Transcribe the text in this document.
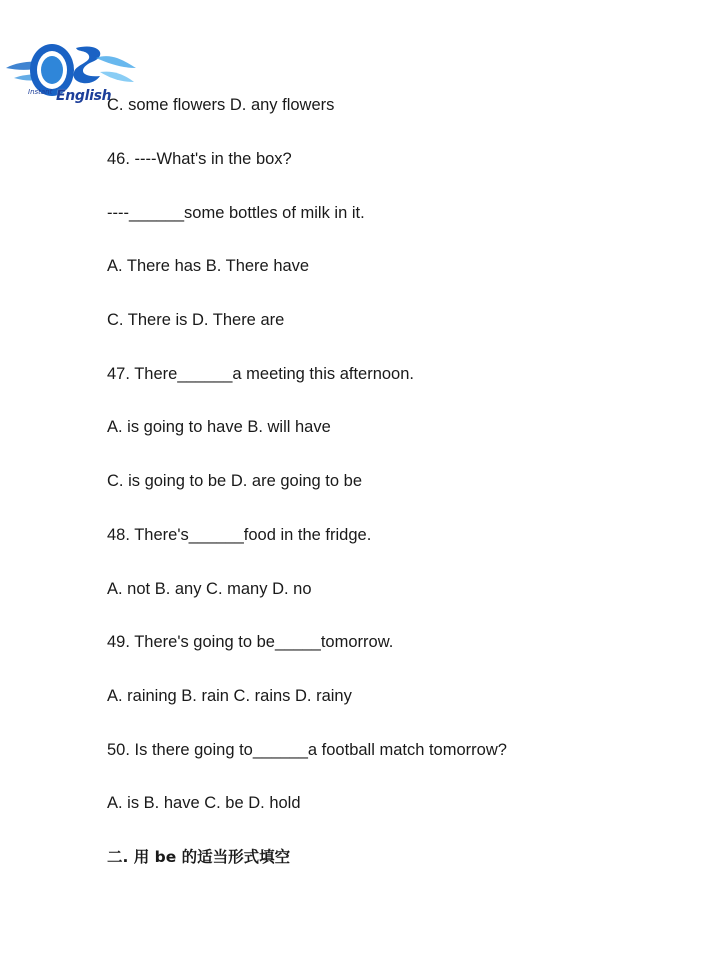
Instant English
C. some flowers D. any flowers
46. ----What's in the box?
----______some bottles of milk in it.
A. There has B. There have
C. There is D. There are
47. There______a meeting this afternoon.
A. is going to have B. will have
C. is going to be D. are going to be
48. There's______food in the fridge.
A. not B. any C. many D. no
49. There's going to be_____tomorrow.
A. raining B. rain C. rains D. rainy
50. Is there going to______a football match tomorrow?
A. is B. have C. be D. hold
二. 用 be 的适当形式填空
